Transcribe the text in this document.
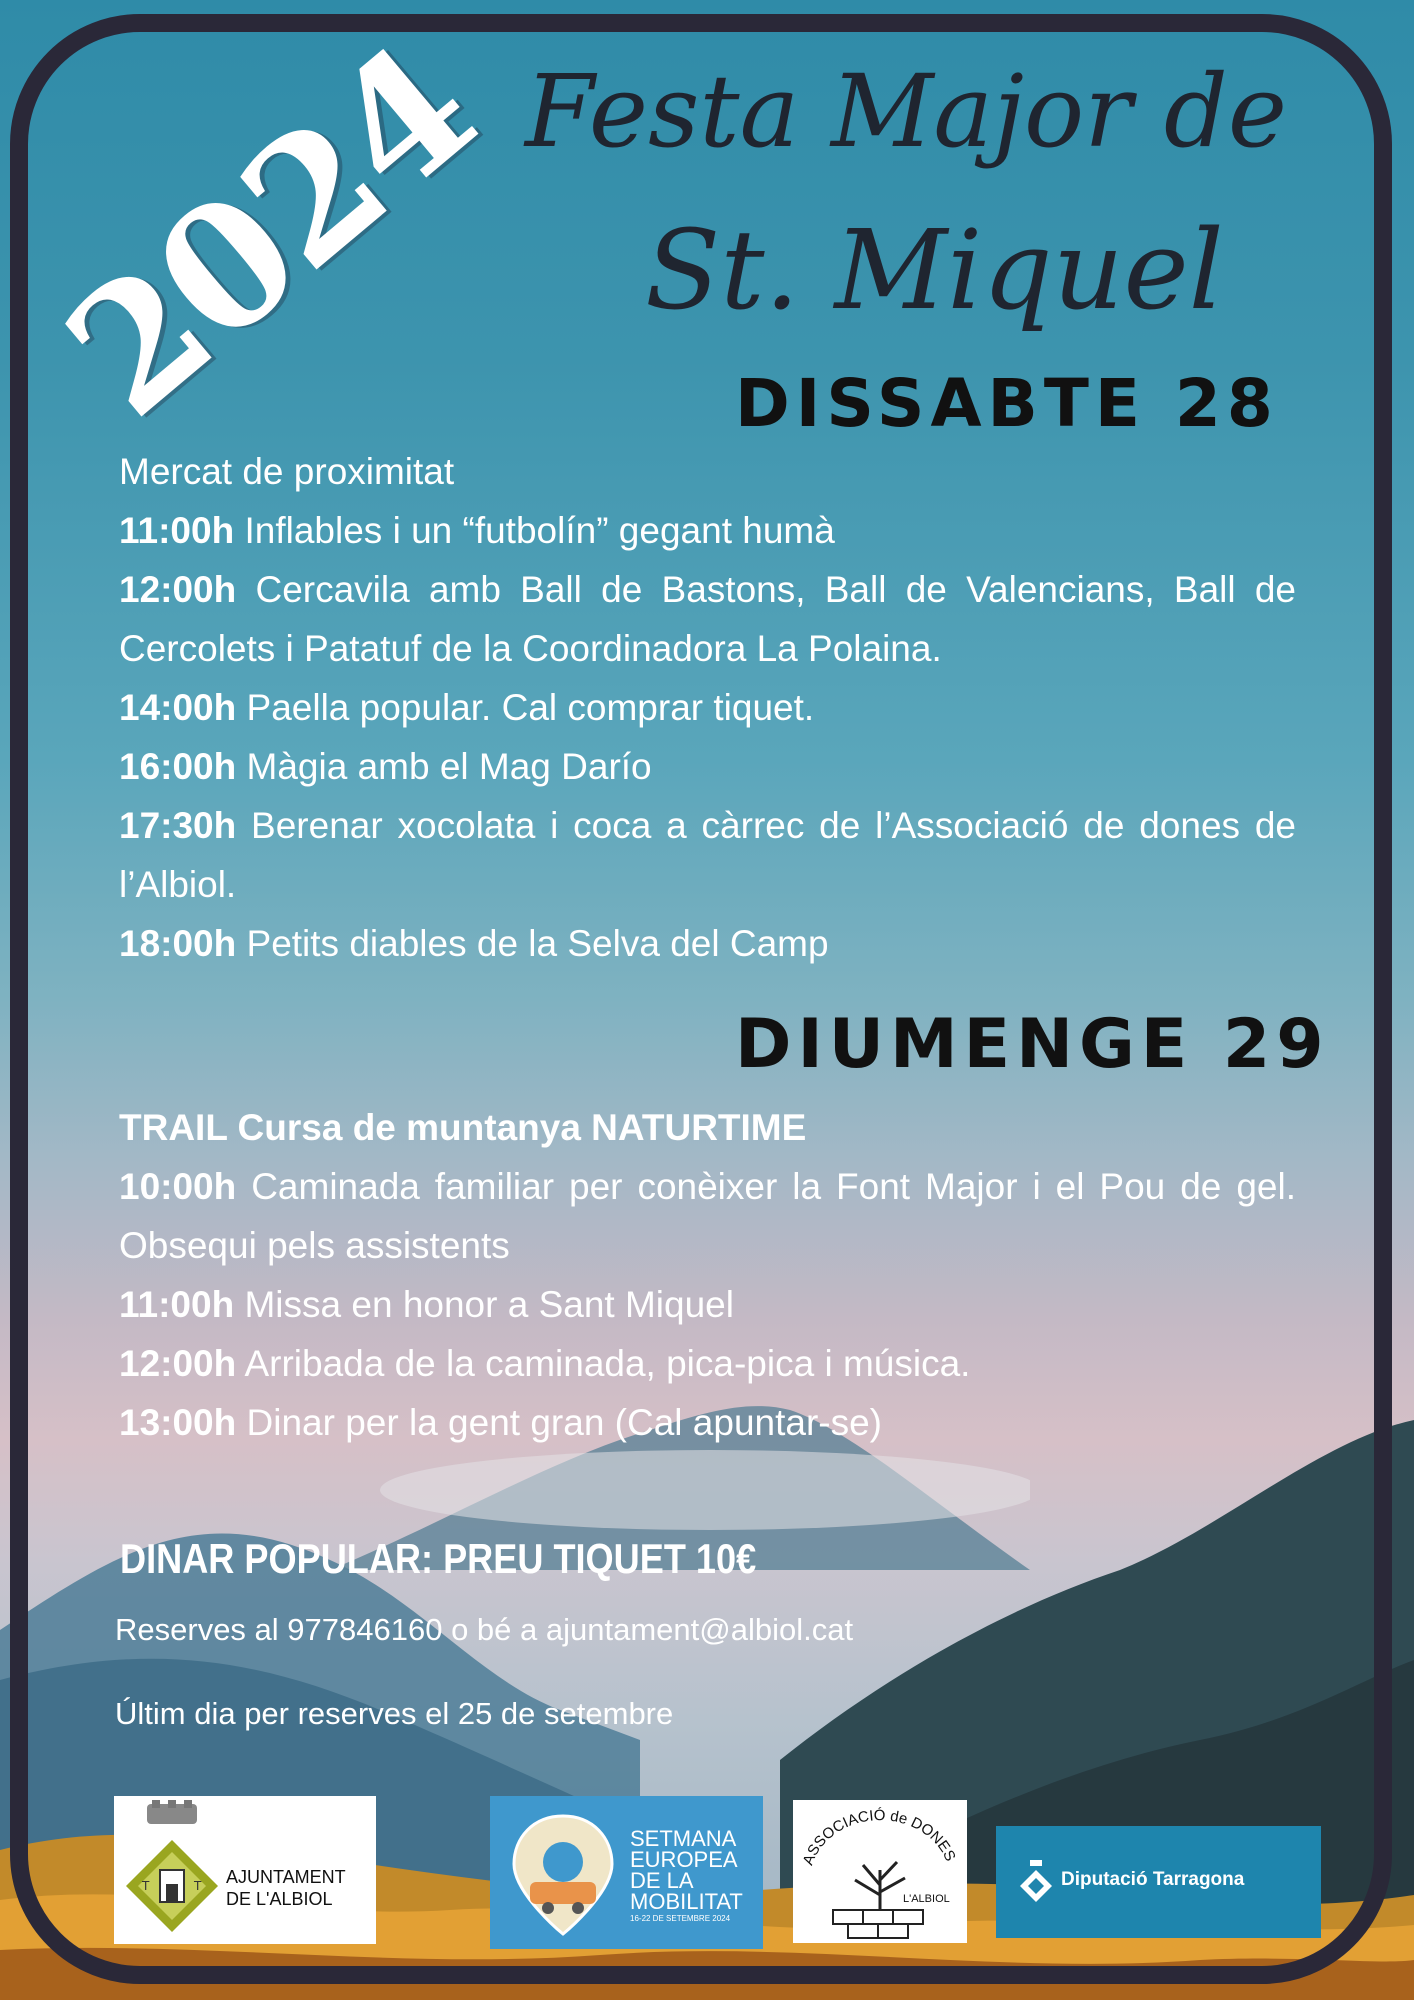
2024 Festa Major de
St. Miquel
DISSABTE 28

Mercat de proximitat

11:00h Inflables i un “futbolín” gegant humà

12:00h Cercavila amb Ball de Bastons, Ball de Valencians, Ball de Cercolets i Patatuf de la Coordinadora La Polaina.

14:00h Paella popular. Cal comprar tiquet.

16:00h Màgia amb el Mag Darío

17:30h Berenar xocolata i coca a càrrec de l’Associació de dones de l’Albiol.

18:00h Petits diables de la Selva del Camp

DIUMENGE 29

TRAIL Cursa de muntanya NATURTIME

10:00h Caminada familiar per conèixer la Font Major i el Pou de gel. Obsequi pels assistents

11:00h Missa en honor a Sant Miquel

12:00h Arribada de la caminada, pica-pica i música.

13:00h Dinar per la gent gran (Cal apuntar-se)

DINAR POPULAR: PREU TIQUET 10€
Reserves al 977846160 o bé a ajuntament@albiol.cat
Últim dia per reserves el 25 de setembre
T	T AJUNTAMENT
DE L'ALBIOL
SETMANA
EUROPEA
DE LA
MOBILITAT
16-22 DE SETEMBRE 2024
ASSOCIACIÓ de DONES
L'ALBIOL
Diputació Tarragona
